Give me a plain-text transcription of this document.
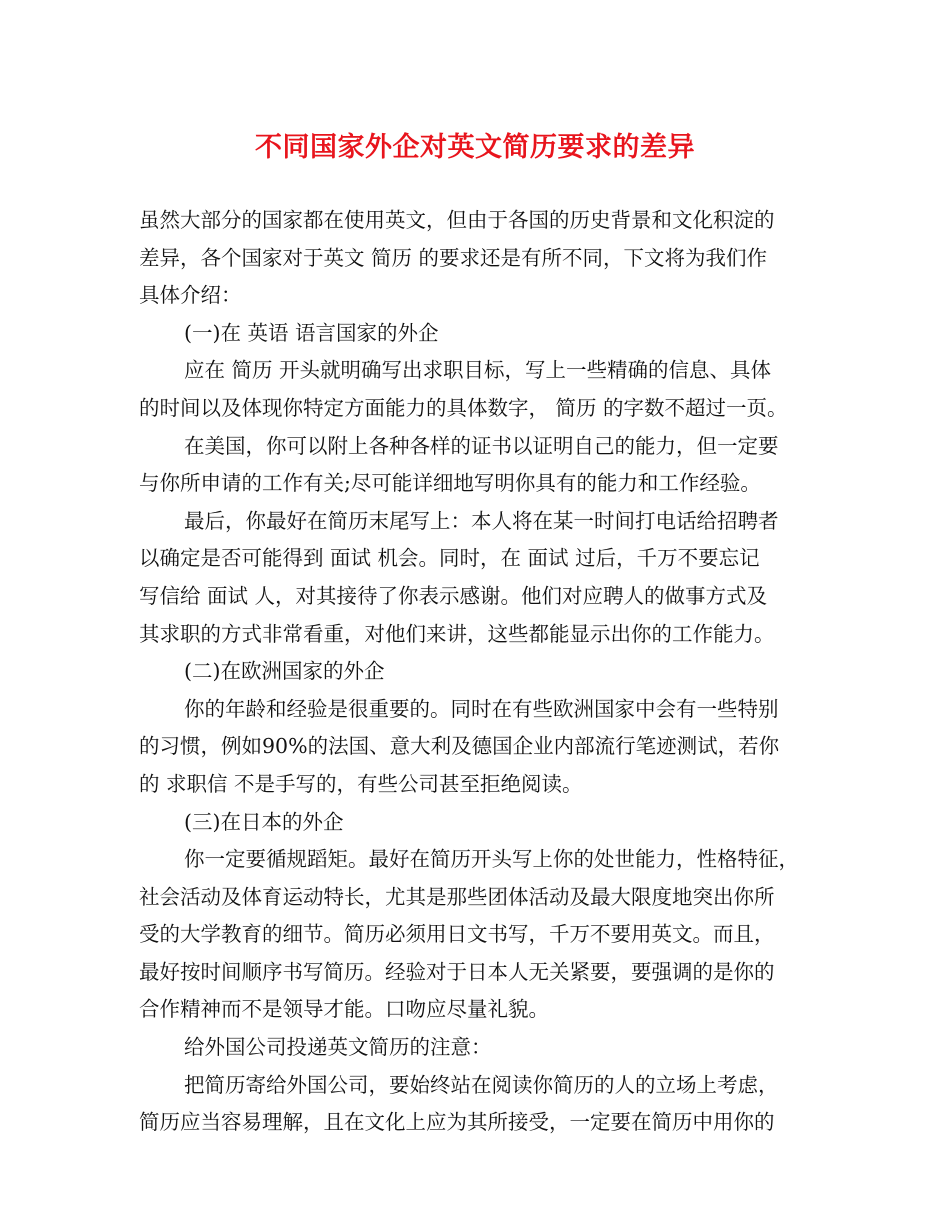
不同国家外企对英文简历要求的差异
虽然大部分的国家都在使用英文，但由于各国的历史背景和文化积淀的
差异，各个国家对于英文 简历 的要求还是有所不同，下文将为我们作
具体介绍：
(一)在 英语 语言国家的外企
应在 简历 开头就明确写出求职目标，写上一些精确的信息、具体
的时间以及体现你特定方面能力的具体数字， 简历 的字数不超过一页。
在美国，你可以附上各种各样的证书以证明自己的能力，但一定要
与你所申请的工作有关;尽可能详细地写明你具有的能力和工作经验。
最后，你最好在简历末尾写上：本人将在某一时间打电话给招聘者
以确定是否可能得到 面试 机会。同时，在 面试 过后，千万不要忘记
写信给 面试 人，对其接待了你表示感谢。他们对应聘人的做事方式及
其求职的方式非常看重，对他们来讲，这些都能显示出你的工作能力。
(二)在欧洲国家的外企
你的年龄和经验是很重要的。同时在有些欧洲国家中会有一些特别
的习惯，例如90%的法国、意大利及德国企业内部流行笔迹测试，若你
的 求职信 不是手写的，有些公司甚至拒绝阅读。
(三)在日本的外企
你一定要循规蹈矩。最好在简历开头写上你的处世能力，性格特征，
社会活动及体育运动特长，尤其是那些团体活动及最大限度地突出你所
受的大学教育的细节。简历必须用日文书写，千万不要用英文。而且，
最好按时间顺序书写简历。经验对于日本人无关紧要，要强调的是你的
合作精神而不是领导才能。口吻应尽量礼貌。
给外国公司投递英文简历的注意：
把简历寄给外国公司，要始终站在阅读你简历的人的立场上考虑，
简历应当容易理解，且在文化上应为其所接受，一定要在简历中用你的
